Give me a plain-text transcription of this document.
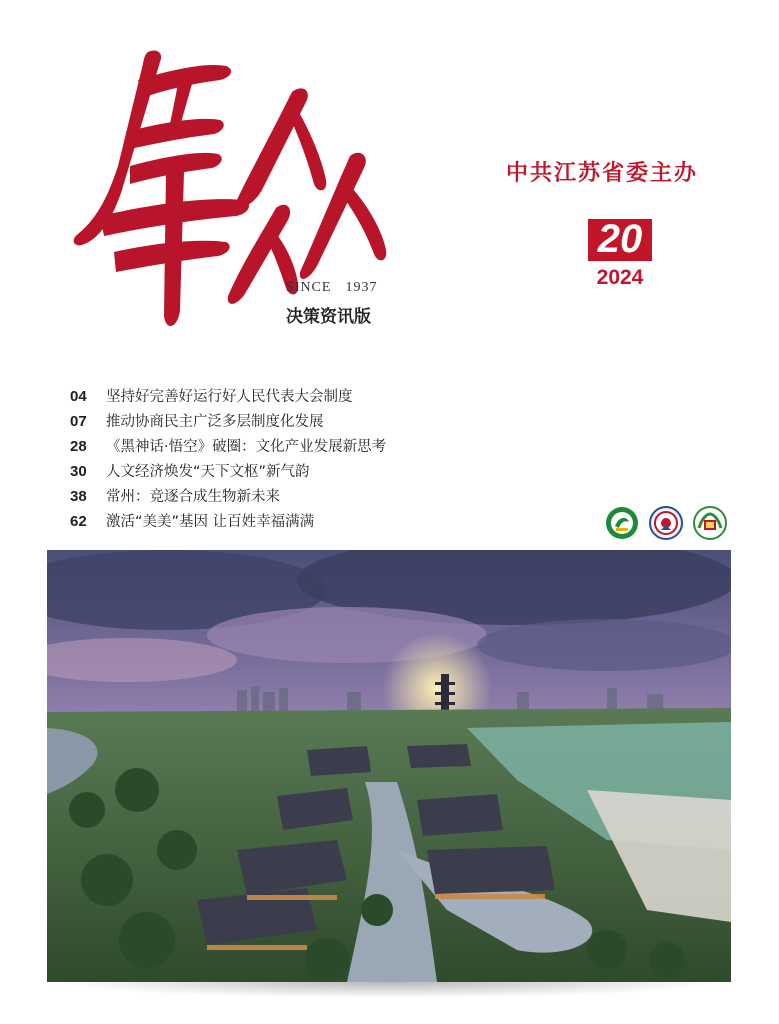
SINCE 1937
决策资讯版
中共江苏省委主办
20
2024
04 坚持好完善好运行好人民代表大会制度
07 推动协商民主广泛多层制度化发展
28 《黑神话·悟空》破圈：文化产业发展新思考
30 人文经济焕发“天下文枢”新气韵
38 常州：竞逐合成生物新未来
62 激活“美美”基因 让百姓幸福满满
